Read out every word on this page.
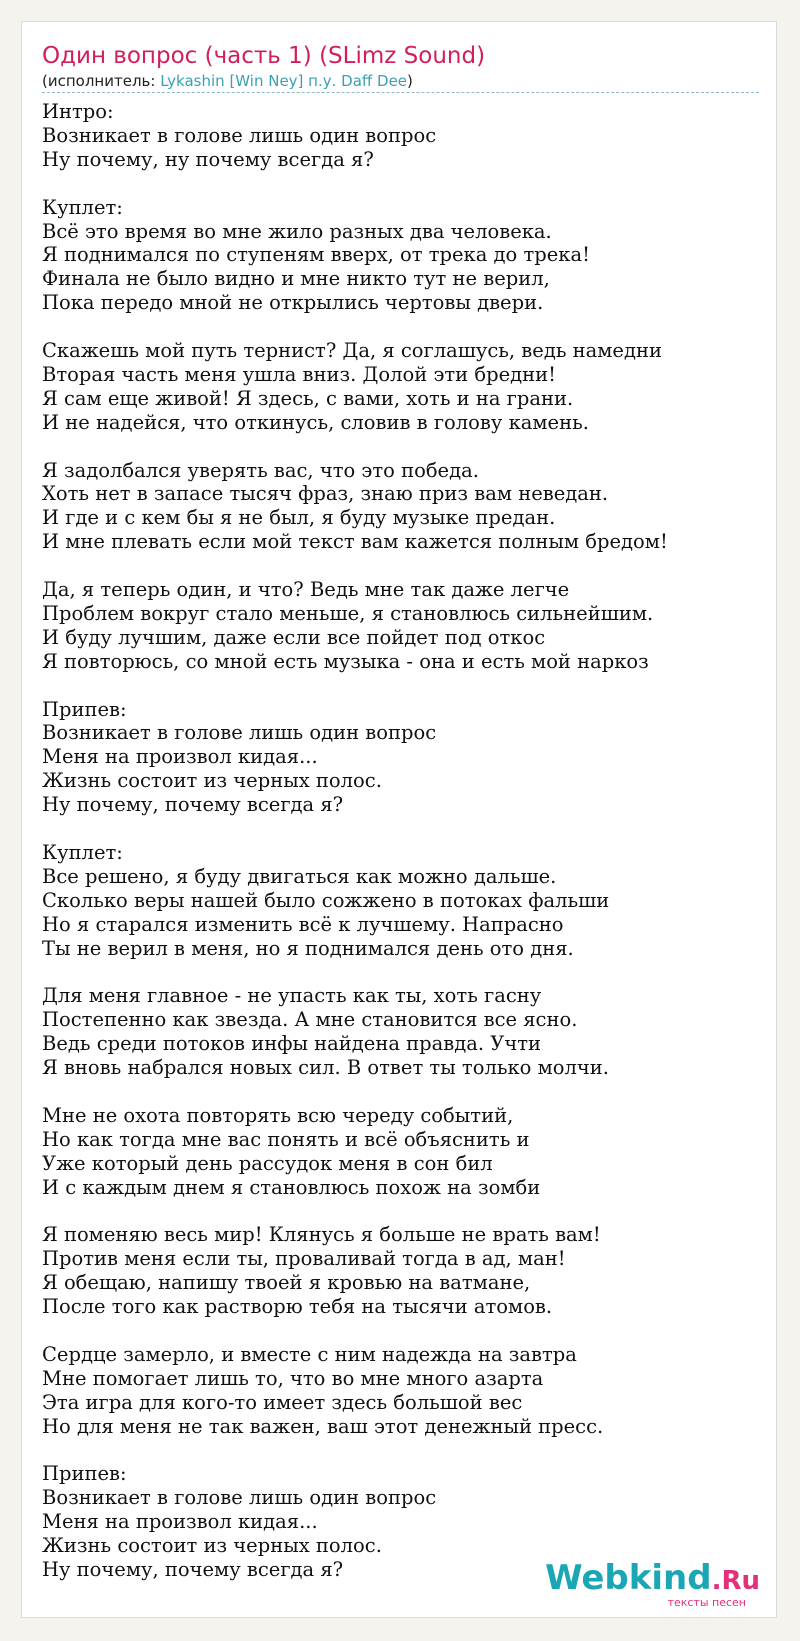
Один вопрос (часть 1) (SLimz Sound)
(исполнитель: Lykashin [Win Ney] п.у. Daff Dee)
Интро:
Возникает в голове лишь один вопрос
Ну почему, ну почему всегда я?
Куплет:
Всё это время во мне жило разных два человека.
Я поднимался по ступеням вверх, от трека до трека!
Финала не было видно и мне никто тут не верил,
Пока передо мной не открылись чертовы двери.
Скажешь мой путь тернист? Да, я соглашусь, ведь намедни
Вторая часть меня ушла вниз. Долой эти бредни!
Я сам еще живой! Я здесь, с вами, хоть и на грани.
И не надейся, что откинусь, словив в голову камень.
Я задолбался уверять вас, что это победа.
Хоть нет в запасе тысяч фраз, знаю приз вам неведан.
И где и с кем бы я не был, я буду музыке предан.
И мне плевать если мой текст вам кажется полным бредом!
Да, я теперь один, и что? Ведь мне так даже легче
Проблем вокруг стало меньше, я становлюсь сильнейшим.
И буду лучшим, даже если все пойдет под откос
Я повторюсь, со мной есть музыка - она и есть мой наркоз
Припев:
Возникает в голове лишь один вопрос
Меня на произвол кидая...
Жизнь состоит из черных полос.
Ну почему, почему всегда я?
Куплет:
Все решено, я буду двигаться как можно дальше.
Сколько веры нашей было сожжено в потоках фальши
Но я старался изменить всё к лучшему. Напрасно
Ты не верил в меня, но я поднимался день ото дня.
Для меня главное - не упасть как ты, хоть гасну
Постепенно как звезда. А мне становится все ясно.
Ведь среди потоков инфы найдена правда. Учти
Я вновь набрался новых сил. В ответ ты только молчи.
Мне не охота повторять всю череду событий,
Но как тогда мне вас понять и всё объяснить и
Уже который день рассудок меня в сон бил
И с каждым днем я становлюсь похож на зомби
Я поменяю весь мир! Клянусь я больше не врать вам!
Против меня если ты, проваливай тогда в ад, ман!
Я обещаю, напишу твоей я кровью на ватмане,
После того как растворю тебя на тысячи атомов.
Сердце замерло, и вместе с ним надежда на завтра
Мне помогает лишь то, что во мне много азарта
Эта игра для кого-то имеет здесь большой вес
Но для меня не так важен, ваш этот денежный пресс.
Припев:
Возникает в голове лишь один вопрос
Меня на произвол кидая...
Жизнь состоит из черных полос.
Ну почему, почему всегда я?	Webkind.Ru
тексты песен
